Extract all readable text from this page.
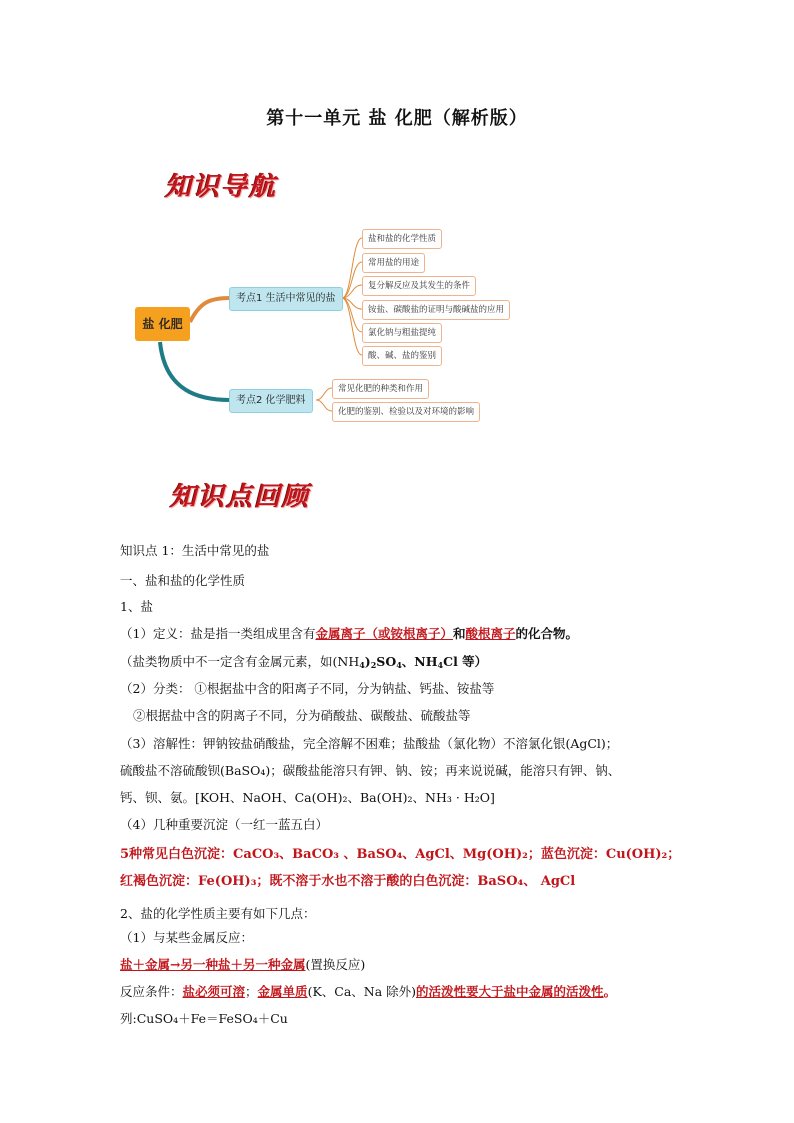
第十一单元 盐 化肥（解析版）
知识导航
盐 化肥
考点1 生活中常见的盐
考点2 化学肥料
盐和盐的化学性质
常用盐的用途
复分解反应及其发生的条件
铵盐、碳酸盐的证明与酸碱盐的应用
氯化钠与粗盐提纯
酸、碱、盐的鉴别
常见化肥的种类和作用
化肥的鉴别、检验以及对环境的影响
知识点回顾
知识点 1：生活中常见的盐
一、盐和盐的化学性质
1、盐
（1）定义：盐是指一类组成里含有金属离子（或铵根离子）和酸根离子的化合物。
（盐类物质中不一定含有金属元素，如$(NH_4)_2SO_4$、$NH_4Cl$ 等）
（2）分类： ①根据盐中含的阳离子不同，分为钠盐、钙盐、铵盐等
②根据盐中含的阴离子不同，分为硝酸盐、碳酸盐、硫酸盐等
（3）溶解性：钾钠铵盐硝酸盐，完全溶解不困难；盐酸盐（氯化物）不溶氯化银(AgCl)；
硫酸盐不溶硫酸钡(BaSO₄)；碳酸盐能溶只有钾、钠、铵；再来说说碱，能溶只有钾、钠、
钙、钡、氨。[KOH、NaOH、Ca(OH)₂、Ba(OH)₂、NH₃ · H₂O]
（4）几种重要沉淀（一红一蓝五白）
5种常见白色沉淀：CaCO₃、BaCO₃ 、BaSO₄、AgCl、Mg(OH)₂；蓝色沉淀：Cu(OH)₂；
红褐色沉淀：Fe(OH)₃；既不溶于水也不溶于酸的白色沉淀：BaSO₄、 AgCl
2、盐的化学性质主要有如下几点：
（1）与某些金属反应：
盐＋金属→另一种盐＋另一种金属(置换反应)
反应条件：盐必须可溶；金属单质(K、Ca、Na 除外)的活泼性要大于盐中金属的活泼性。
列:CuSO₄＋Fe＝FeSO₄＋Cu
